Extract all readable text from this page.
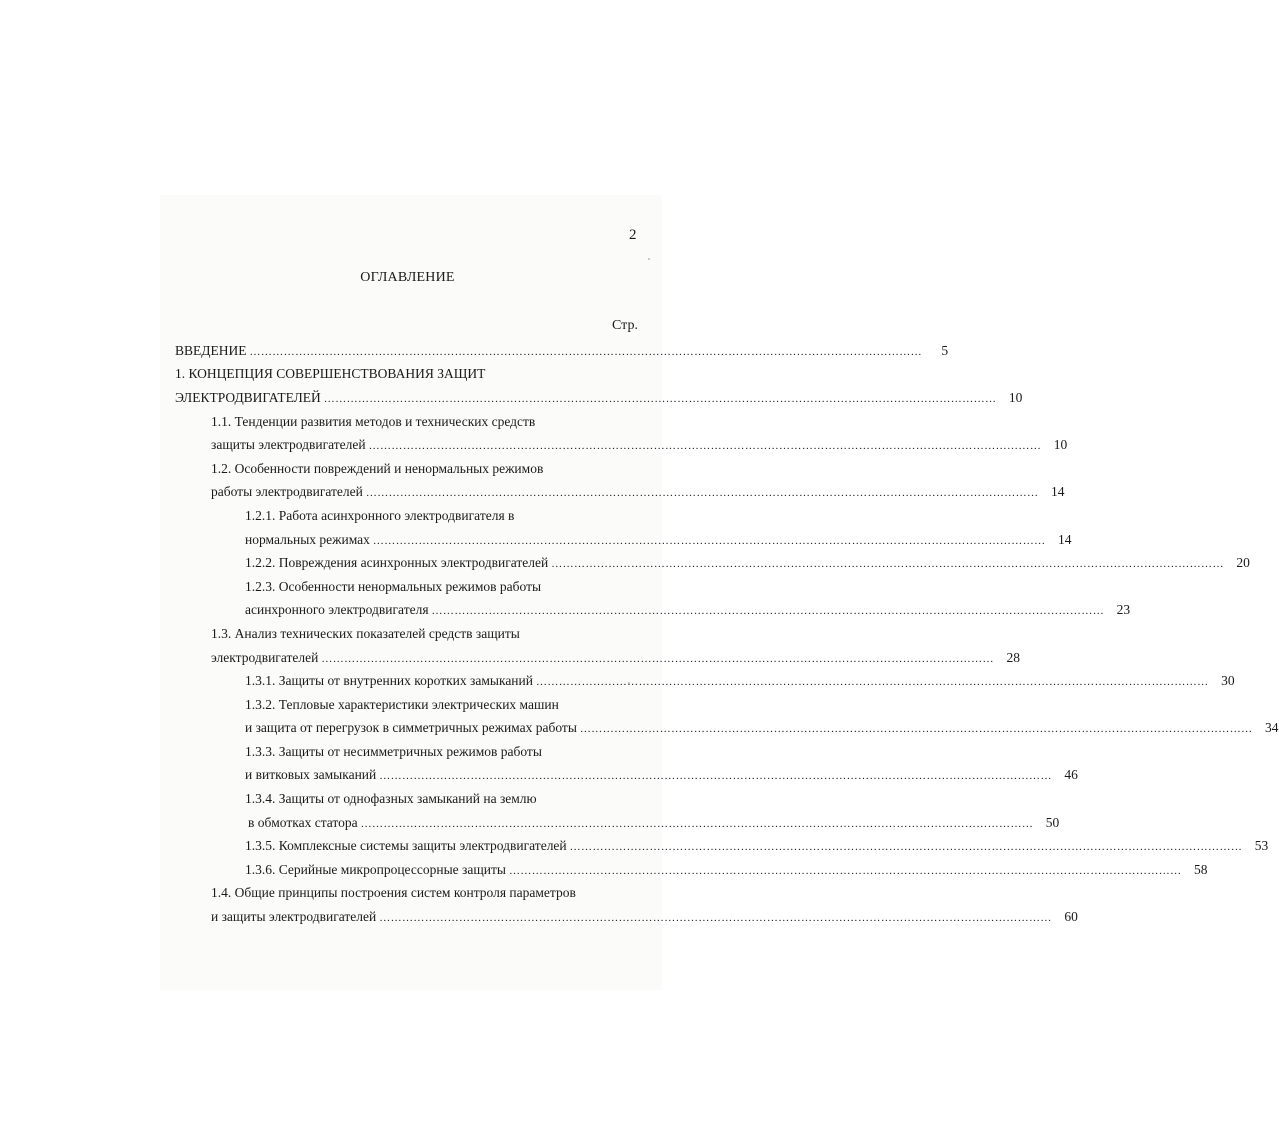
2
ОГЛАВЛЕНИЕ
Стр.
ВВЕДЕНИЕ ……………………………………………………………………………………………………………………………………………………………	5
1. КОНЦЕПЦИЯ СОВЕРШЕНСТВОВАНИЯ ЗАЩИТ
ЭЛЕКТРОДВИГАТЕЛЕЙ …………………………………………………………………………………………………………………………………………………………… 10
1.1. Тенденции развития методов и технических средств
защиты электродвигателей …………………………………………………………………………………………………………………………………………………………… 10
1.2. Особенности повреждений и ненормальных режимов
работы электродвигателей …………………………………………………………………………………………………………………………………………………………… 14
1.2.1. Работа асинхронного электродвигателя в
нормальных режимах …………………………………………………………………………………………………………………………………………………………… 14
1.2.2. Повреждения асинхронных электродвигателей …………………………………………………………………………………………………………………………………………………………… 20
1.2.3. Особенности ненормальных режимов работы
асинхронного электродвигателя …………………………………………………………………………………………………………………………………………………………… 23
1.3. Анализ технических показателей средств защиты
электродвигателей …………………………………………………………………………………………………………………………………………………………… 28
1.3.1. Защиты от внутренних коротких замыканий …………………………………………………………………………………………………………………………………………………………… 30
1.3.2. Тепловые характеристики электрических машин
и защита от перегрузок в симметричных режимах работы …………………………………………………………………………………………………………………………………………………………… 34
1.3.3. Защиты от несимметричных режимов работы
и витковых замыканий …………………………………………………………………………………………………………………………………………………………… 46
1.3.4. Защиты от однофазных замыканий на землю
в обмотках статора …………………………………………………………………………………………………………………………………………………………… 50
1.3.5. Комплексные системы защиты электродвигателей …………………………………………………………………………………………………………………………………………………………… 53
1.3.6. Серийные микропроцессорные защиты …………………………………………………………………………………………………………………………………………………………… 58
1.4. Общие принципы построения систем контроля параметров
и защиты электродвигателей …………………………………………………………………………………………………………………………………………………………… 60
